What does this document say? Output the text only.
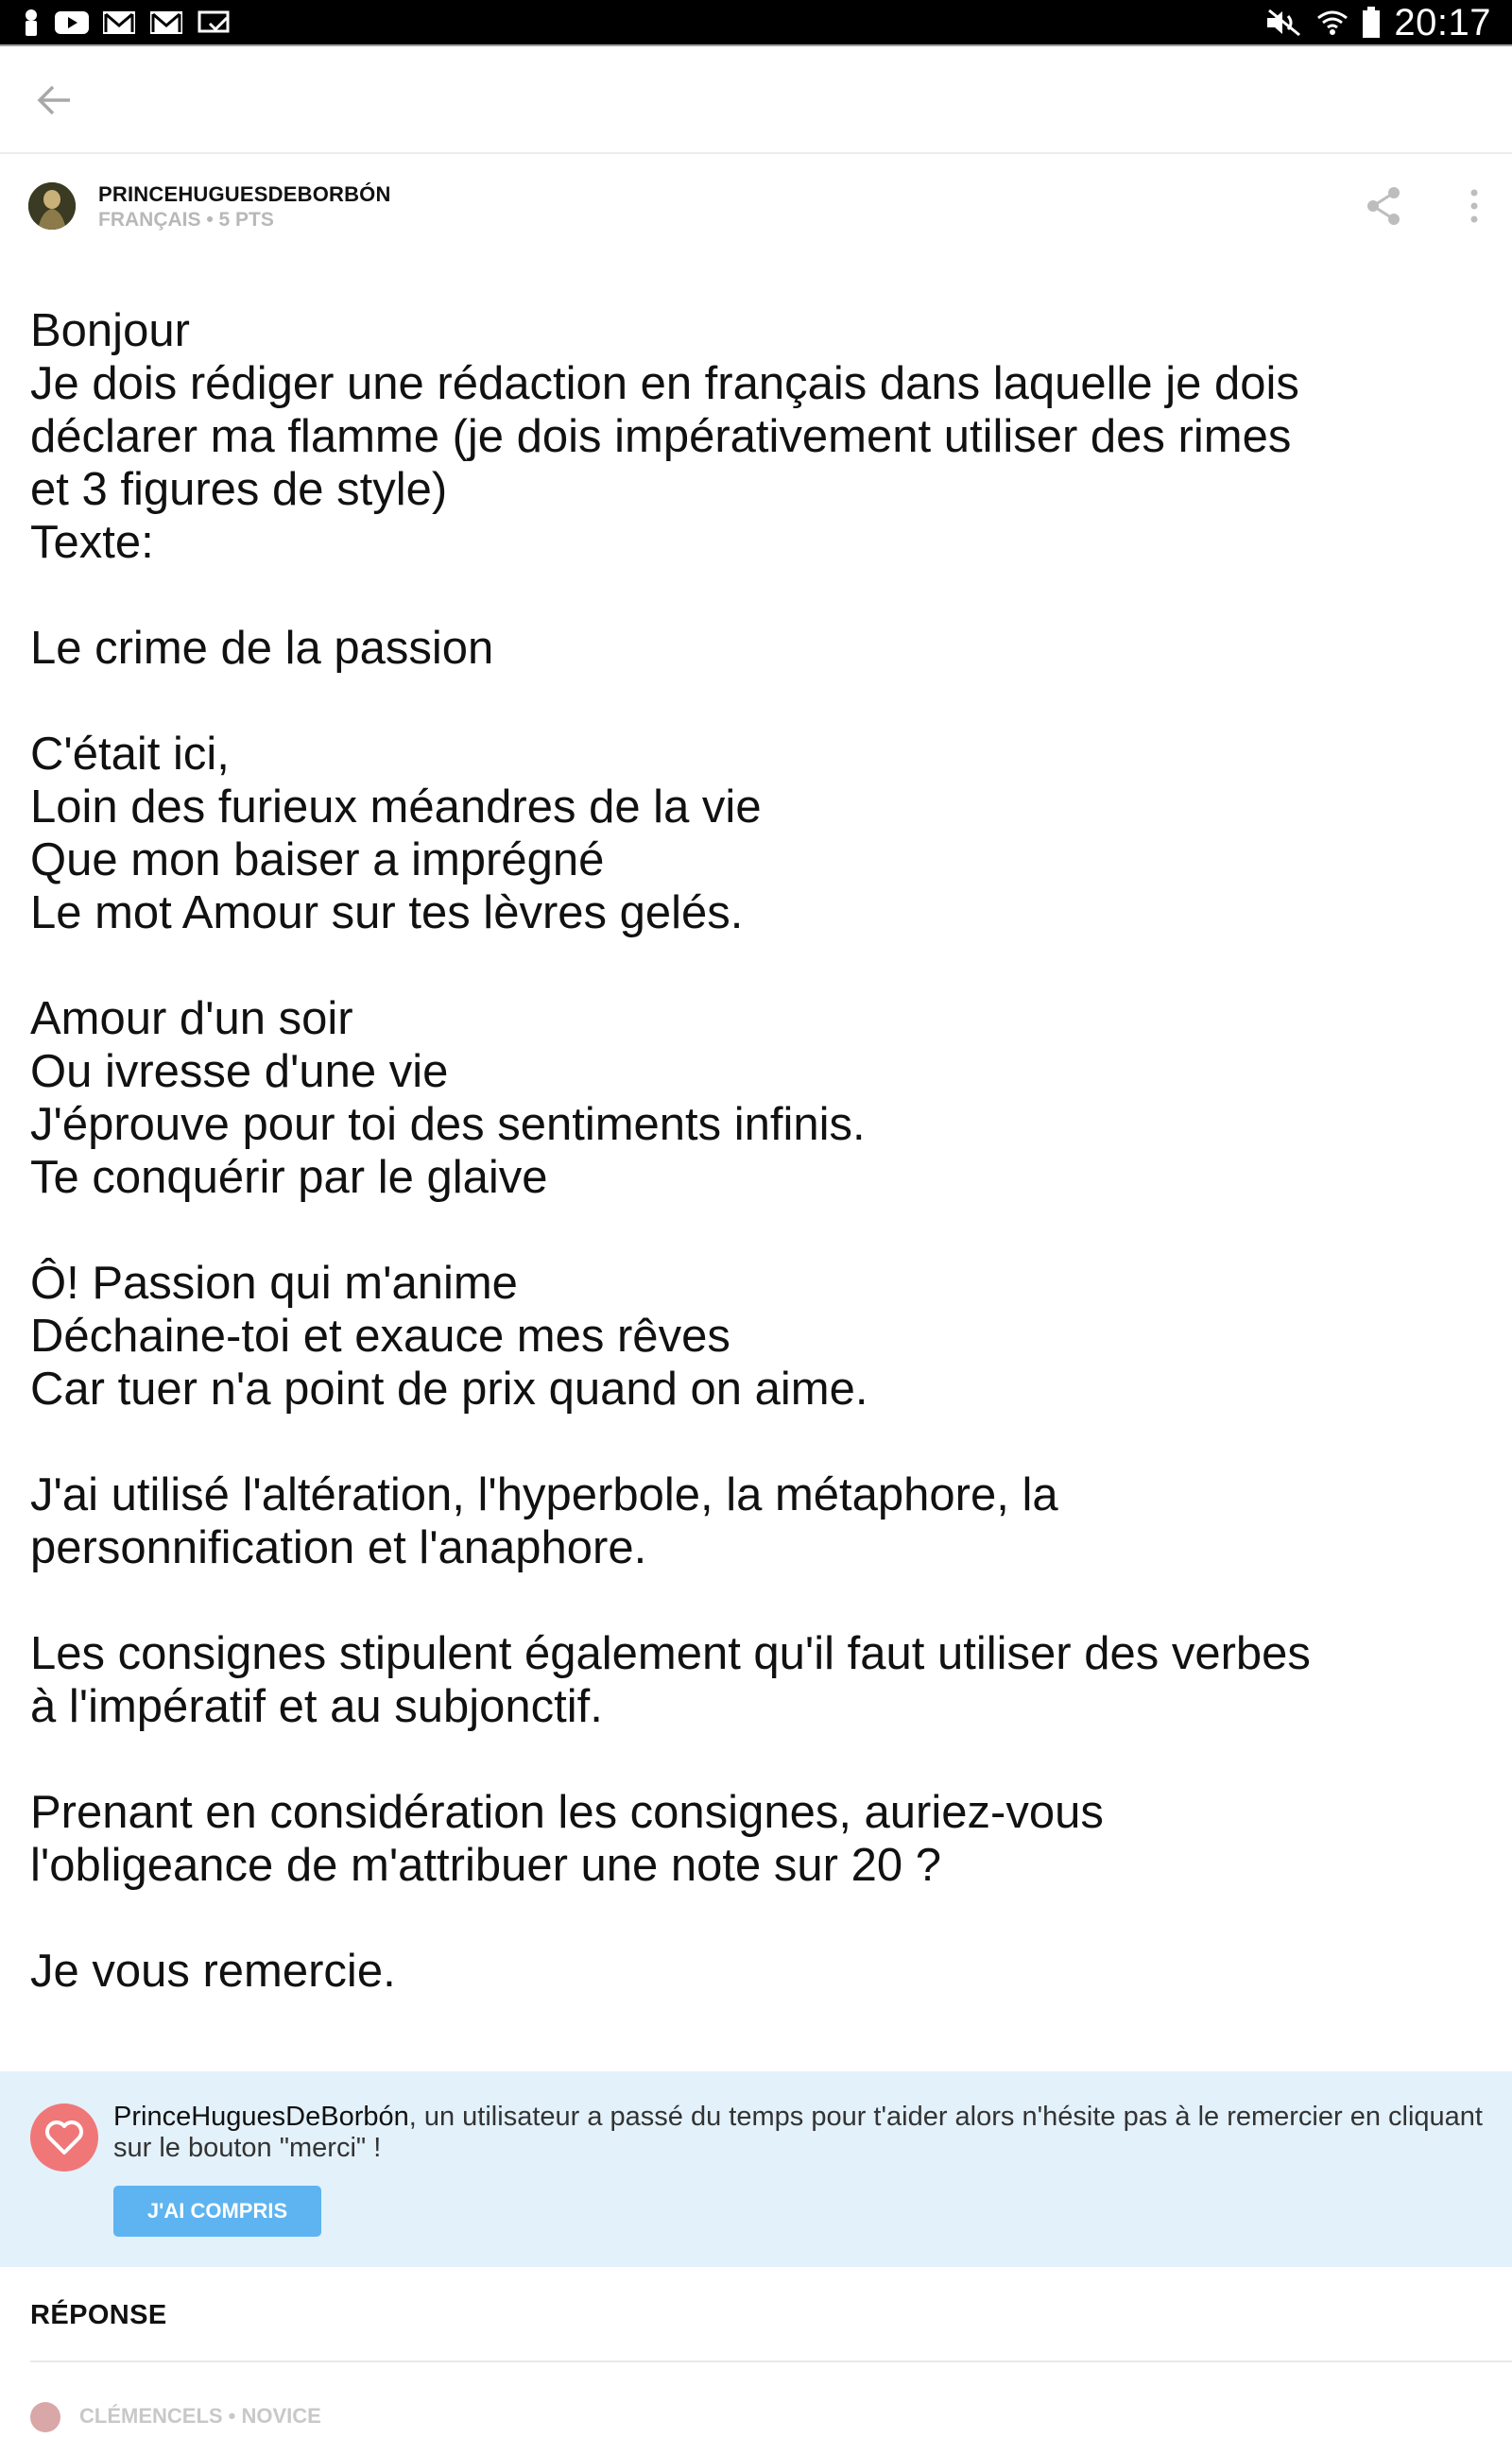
20:17
PRINCEHUGUESDEBORBÓN
FRANÇAIS • 5 PTS
Bonjour
Je dois rédiger une rédaction en français dans laquelle je dois
déclarer ma flamme (je dois impérativement utiliser des rimes
et 3 figures de style)
Texte:
Le crime de la passion
C'était ici,
Loin des furieux méandres de la vie
Que mon baiser a imprégné
Le mot Amour sur tes lèvres gelés.
Amour d'un soir
Ou ivresse d'une vie
J'éprouve pour toi des sentiments infinis.
Te conquérir par le glaive
Ô! Passion qui m'anime
Déchaine-toi et exauce mes rêves
Car tuer n'a point de prix quand on aime.
J'ai utilisé l'altération, l'hyperbole, la métaphore, la
personnification et l'anaphore.
Les consignes stipulent également qu'il faut utiliser des verbes
à l'impératif et au subjonctif.
Prenant en considération les consignes, auriez-vous
l'obligeance de m'attribuer une note sur 20 ?
Je vous remercie.
PrinceHuguesDeBorbón, un utilisateur a passé du temps pour t'aider alors n'hésite pas à le remercier en cliquant sur le bouton "merci" !
J'AI COMPRIS
RÉPONSE
CLÉMENCELS • NOVICE
